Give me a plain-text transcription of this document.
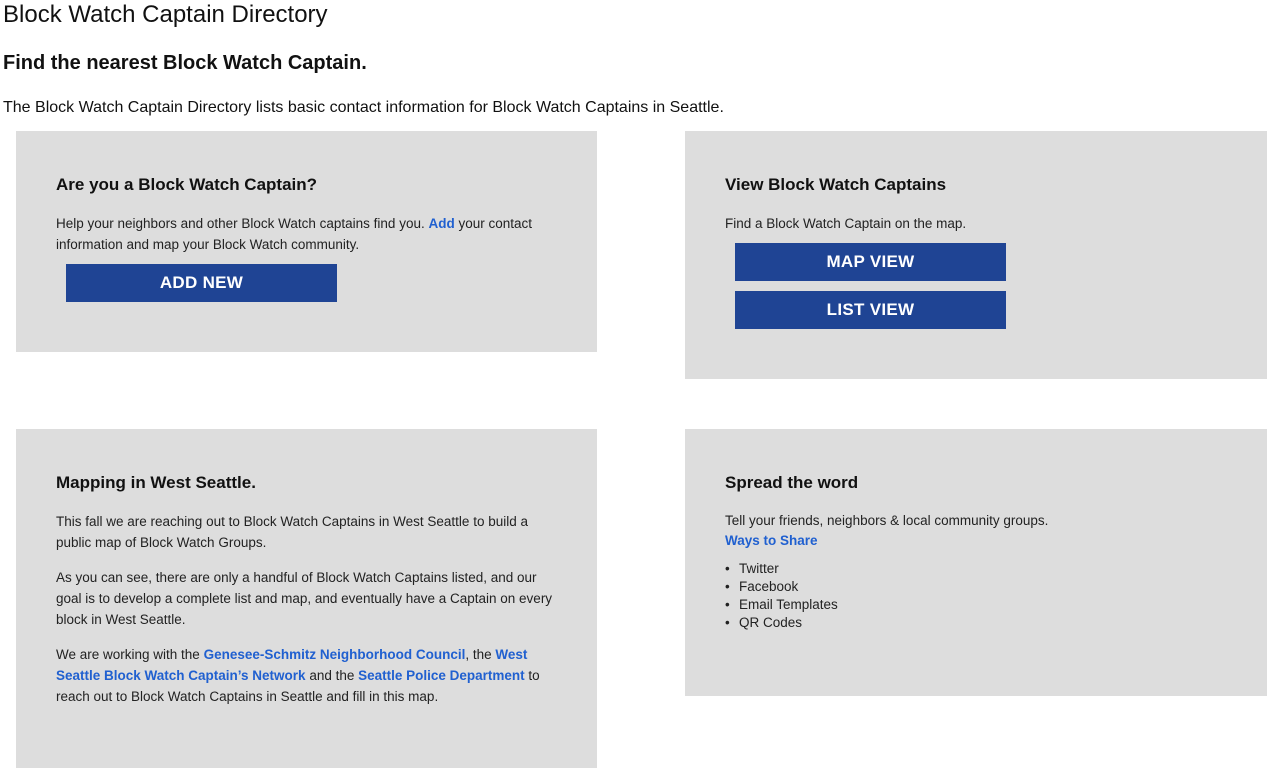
Block Watch Captain Directory
Find the nearest Block Watch Captain.

The Block Watch Captain Directory lists basic contact information for Block Watch Captains in Seattle.

Are you a Block Watch Captain?

Help your neighbors and other Block Watch captains find you. Add your contact information and map your Block Watch community.

ADD NEW
View Block Watch Captains

Find a Block Watch Captain on the map.

MAP VIEW
LIST VIEW
Mapping in West Seattle.

This fall we are reaching out to Block Watch Captains in West Seattle to build a public map of Block Watch Groups.

As you can see, there are only a handful of Block Watch Captains listed, and our goal is to develop a complete list and map, and eventually have a Captain on every block in West Seattle.

We are working with the Genesee-Schmitz Neighborhood Council, the West Seattle Block Watch Captain’s Network and the Seattle Police Department to reach out to Block Watch Captains in Seattle and fill in this map.

Spread the word

Tell your friends, neighbors & local community groups.
Ways to Share

• Twitter
• Facebook
• Email Templates
• QR Codes
